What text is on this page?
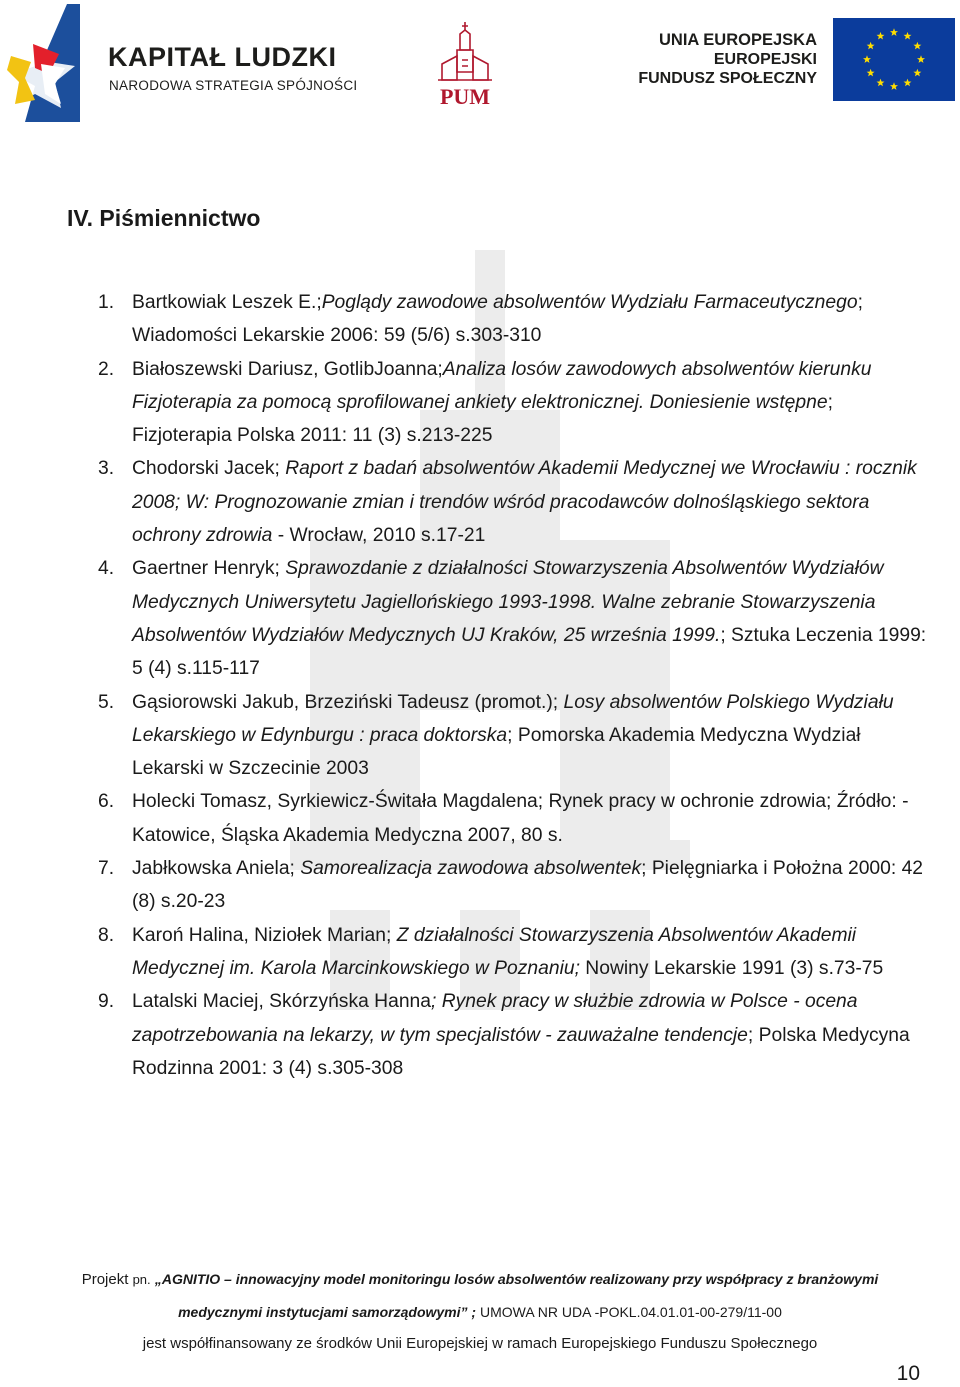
KAPITAŁ LUDZKI
NARODOWA STRATEGIA SPÓJNOŚCI	PUM
UNIA EUROPEJSKA
EUROPEJSKI
FUNDUSZ SPOŁECZNY
IV. Piśmiennictwo
1. Bartkowiak Leszek E.;Poglądy zawodowe absolwentów Wydziału Farmaceutycznego; Wiadomości Lekarskie 2006: 59 (5/6) s.303-310
2. Białoszewski Dariusz, GotlibJoanna;Analiza losów zawodowych absolwentów kierunku Fizjoterapia za pomocą sprofilowanej ankiety elektronicznej. Doniesienie wstępne; Fizjoterapia Polska 2011: 11 (3) s.213-225
3. Chodorski Jacek; Raport z badań absolwentów Akademii Medycznej we Wrocławiu : rocznik 2008; W: Prognozowanie zmian i trendów wśród pracodawców dolnośląskiego sektora ochrony zdrowia - Wrocław, 2010 s.17-21
4. Gaertner Henryk; Sprawozdanie z działalności Stowarzyszenia Absolwentów Wydziałów Medycznych Uniwersytetu Jagiellońskiego 1993-1998. Walne zebranie Stowarzyszenia Absolwentów Wydziałów Medycznych UJ Kraków, 25 września 1999.; Sztuka Leczenia 1999: 5 (4) s.115-117
5. Gąsiorowski Jakub, Brzeziński Tadeusz (promot.); Losy absolwentów Polskiego Wydziału Lekarskiego w Edynburgu : praca doktorska; Pomorska Akademia Medyczna Wydział Lekarski w Szczecinie 2003
6. Holecki Tomasz, Syrkiewicz-Świtała Magdalena; Rynek pracy w ochronie zdrowia; Źródło: - Katowice, Śląska Akademia Medyczna 2007, 80 s.
7. Jabłkowska Aniela; Samorealizacja zawodowa absolwentek; Pielęgniarka i Położna 2000: 42 (8) s.20-23
8. Karoń Halina, Niziołek Marian; Z działalności Stowarzyszenia Absolwentów Akademii Medycznej im. Karola Marcinkowskiego w Poznaniu; Nowiny Lekarskie 1991 (3) s.73-75
9. Latalski Maciej, Skórzyńska Hanna; Rynek pracy w służbie zdrowia w Polsce - ocena zapotrzebowania na lekarzy, w tym specjalistów - zauważalne tendencje; Polska Medycyna Rodzinna 2001: 3 (4) s.305-308
Projekt pn. „AGNITIO – innowacyjny model monitoringu losów absolwentów realizowany przy współpracy z branżowymi
medycznymi instytucjami samorządowymi” ; UMOWA NR UDA -POKL.04.01.01-00-279/11-00
jest współfinansowany ze środków Unii Europejskiej w ramach Europejskiego Funduszu Społecznego
10
